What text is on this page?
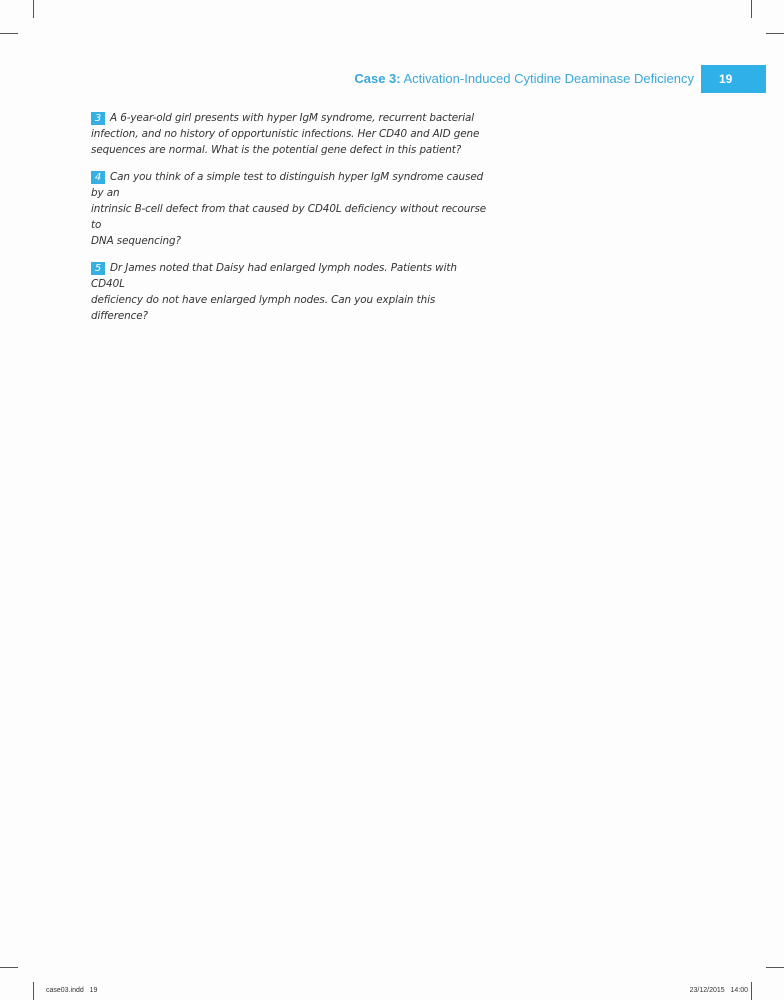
Case 3: Activation-Induced Cytidine Deaminase Deficiency	19

3 A 6-year-old girl presents with hyper IgM syndrome, recurrent bacterial
infection, and no history of opportunistic infections. Her CD40 and AID gene
sequences are normal. What is the potential gene defect in this patient?

4 Can you think of a simple test to distinguish hyper IgM syndrome caused by an
intrinsic B-cell defect from that caused by CD40L deficiency without recourse to
DNA sequencing?

5 Dr James noted that Daisy had enlarged lymph nodes. Patients with CD40L
deficiency do not have enlarged lymph nodes. Can you explain this difference?

case03.indd   19	23/12/2015   14:00
